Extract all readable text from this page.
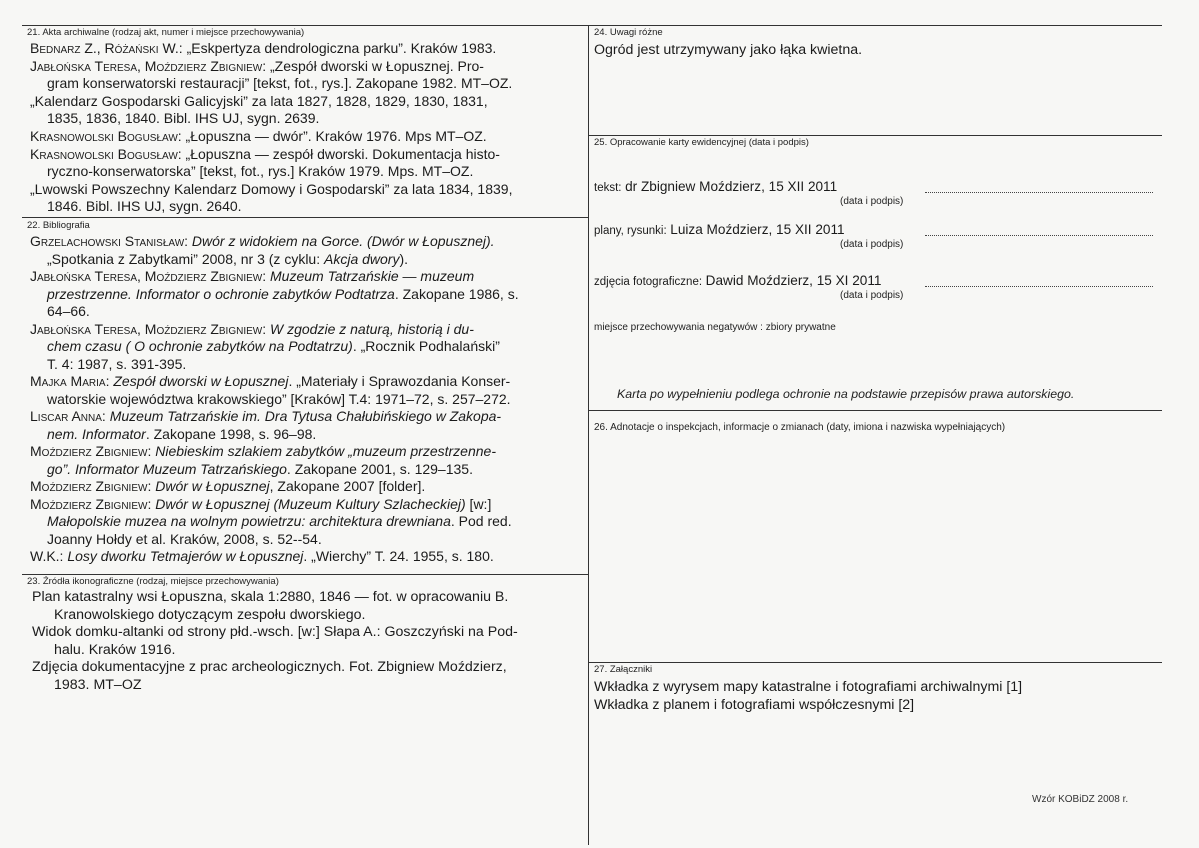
21. Akta archiwalne (rodzaj akt, numer i miejsce przechowywania)
Bednarz Z., Różański W.: „Eskpertyza dendrologiczna parku”. Kraków 1983.
Jabłońska Teresa, Moździerz Zbigniew: „Zespół dworski w Łopusznej. Pro-
gram konserwatorski restauracji” [tekst, fot., rys.]. Zakopane 1982. MT–OZ.
„Kalendarz Gospodarski Galicyjski” za lata 1827, 1828, 1829, 1830, 1831,
1835, 1836, 1840. Bibl. IHS UJ, sygn. 2639.
Krasnowolski Bogusław: „Łopuszna — dwór”. Kraków 1976. Mps MT–OZ.
Krasnowolski Bogusław: „Łopuszna — zespół dworski. Dokumentacja histo-
ryczno-konserwatorska” [tekst, fot., rys.] Kraków 1979. Mps. MT–OZ.
„Lwowski Powszechny Kalendarz Domowy i Gospodarski” za lata 1834, 1839,
1846. Bibl. IHS UJ, sygn. 2640.
22. Bibliografia
Grzelachowski Stanisław: Dwór z widokiem na Gorce. (Dwór w Łopusznej).
„Spotkania z Zabytkami” 2008, nr 3 (z cyklu: Akcja dwory).
Jabłońska Teresa, Moździerz Zbigniew: Muzeum Tatrzańskie — muzeum
przestrzenne. Informator o ochronie zabytków Podtatrza. Zakopane 1986, s.
64–66.
Jabłońska Teresa, Moździerz Zbigniew: W zgodzie z naturą, historią i du-
chem czasu ( O ochronie zabytków na Podtatrzu). „Rocznik Podhalański”
T. 4: 1987, s. 391-395.
Majka Maria: Zespół dworski w Łopusznej. „Materiały i Sprawozdania Konser-
watorskie województwa krakowskiego” [Kraków] T.4: 1971–72, s. 257–272.
Liscar Anna: Muzeum Tatrzańskie im. Dra Tytusa Chałubińskiego w Zakopa-
nem. Informator. Zakopane 1998, s. 96–98.
Moździerz Zbigniew: Niebieskim szlakiem zabytków „muzeum przestrzenne-
go”. Informator Muzeum Tatrzańskiego. Zakopane 2001, s. 129–135.
Moździerz Zbigniew: Dwór w Łopusznej, Zakopane 2007 [folder].
Moździerz Zbigniew: Dwór w Łopusznej (Muzeum Kultury Szlacheckiej) [w:]
Małopolskie muzea na wolnym powietrzu: architektura drewniana. Pod red.
Joanny Hołdy et al. Kraków, 2008, s. 52--54.
W.K.: Losy dworku Tetmajerów w Łopusznej. „Wierchy” T. 24. 1955, s. 180.
23. Źródła ikonograficzne (rodzaj, miejsce przechowywania)
Plan katastralny wsi Łopuszna, skala 1:2880, 1846 — fot. w opracowaniu B.
Kranowolskiego dotyczącym zespołu dworskiego.
Widok domku-altanki od strony płd.-wsch. [w:] Słapa A.: Goszczyński na Pod-
halu. Kraków 1916.
Zdjęcia dokumentacyjne z prac archeologicznych. Fot. Zbigniew Moździerz,
1983. MT–OZ
24. Uwagi różne
Ogród jest utrzymywany jako łąka kwietna.
25. Opracowanie karty ewidencyjnej (data i podpis)
tekst: dr Zbigniew Moździerz, 15 XII 2011
(data i podpis)
plany, rysunki: Luiza Moździerz, 15 XII 2011
(data i podpis)
zdjęcia fotograficzne: Dawid Moździerz, 15 XI 2011
(data i podpis)
miejsce przechowywania negatywów : zbiory prywatne
Karta po wypełnieniu podlega ochronie na podstawie przepisów prawa autorskiego.
26. Adnotacje o inspekcjach, informacje o zmianach (daty, imiona i nazwiska wypełniających)
27. Załączniki
Wkładka z wyrysem mapy katastralne i fotografiami archiwalnymi [1]
Wkładka z planem i fotografiami współczesnymi [2]
Wzór KOBiDZ 2008 r.
